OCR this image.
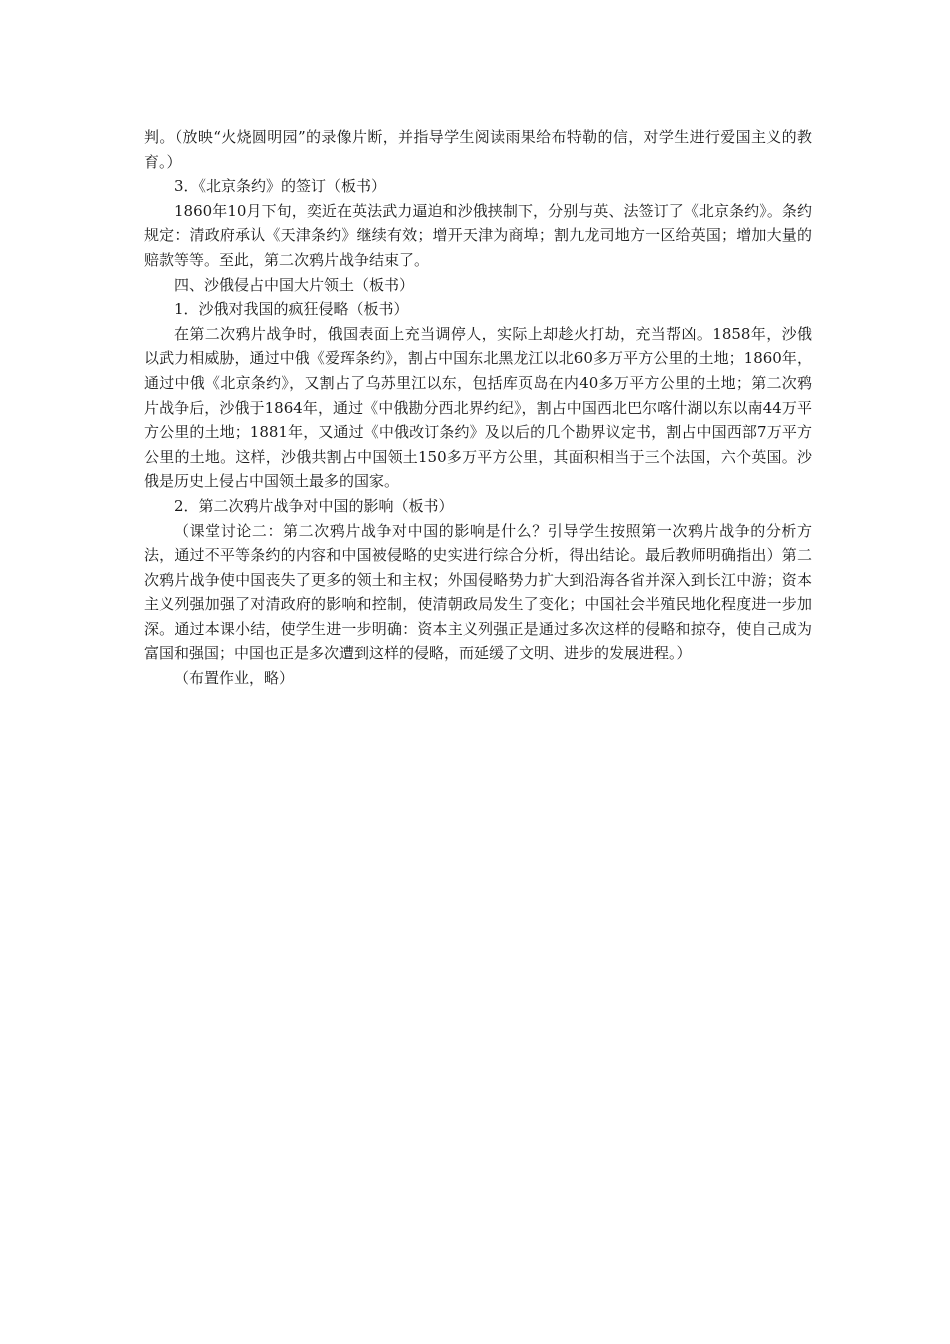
判。（放映“火烧圆明园”的录像片断，并指导学生阅读雨果给布特勒的信，对学生进行爱国主义的教育。）

3．《北京条约》的签订（板书）

1860年10月下旬，奕近在英法武力逼迫和沙俄挟制下，分别与英、法签订了《北京条约》。条约规定：清政府承认《天津条约》继续有效；增开天津为商埠；割九龙司地方一区给英国；增加大量的赔款等等。至此，第二次鸦片战争结束了。

四、沙俄侵占中国大片领土（板书）

1．沙俄对我国的疯狂侵略（板书）

在第二次鸦片战争时，俄国表面上充当调停人，实际上却趁火打劫，充当帮凶。1858年，沙俄以武力相威胁，通过中俄《爱珲条约》，割占中国东北黑龙江以北60多万平方公里的土地；1860年，通过中俄《北京条约》，又割占了乌苏里江以东，包括库页岛在内40多万平方公里的土地；第二次鸦片战争后，沙俄于1864年，通过《中俄勘分西北界约纪》，割占中国西北巴尔喀什湖以东以南44万平方公里的土地；1881年，又通过《中俄改订条约》及以后的几个勘界议定书，割占中国西部7万平方公里的土地。这样，沙俄共割占中国领土150多万平方公里，其面积相当于三个法国，六个英国。沙俄是历史上侵占中国领土最多的国家。

2．第二次鸦片战争对中国的影响（板书）

（课堂讨论二：第二次鸦片战争对中国的影响是什么？引导学生按照第一次鸦片战争的分析方法，通过不平等条约的内容和中国被侵略的史实进行综合分析，得出结论。最后教师明确指出）第二次鸦片战争使中国丧失了更多的领土和主权；外国侵略势力扩大到沿海各省并深入到长江中游；资本主义列强加强了对清政府的影响和控制，使清朝政局发生了变化；中国社会半殖民地化程度进一步加深。通过本课小结，使学生进一步明确：资本主义列强正是通过多次这样的侵略和掠夺，使自己成为富国和强国；中国也正是多次遭到这样的侵略，而延缓了文明、进步的发展进程。）

（布置作业，略）
